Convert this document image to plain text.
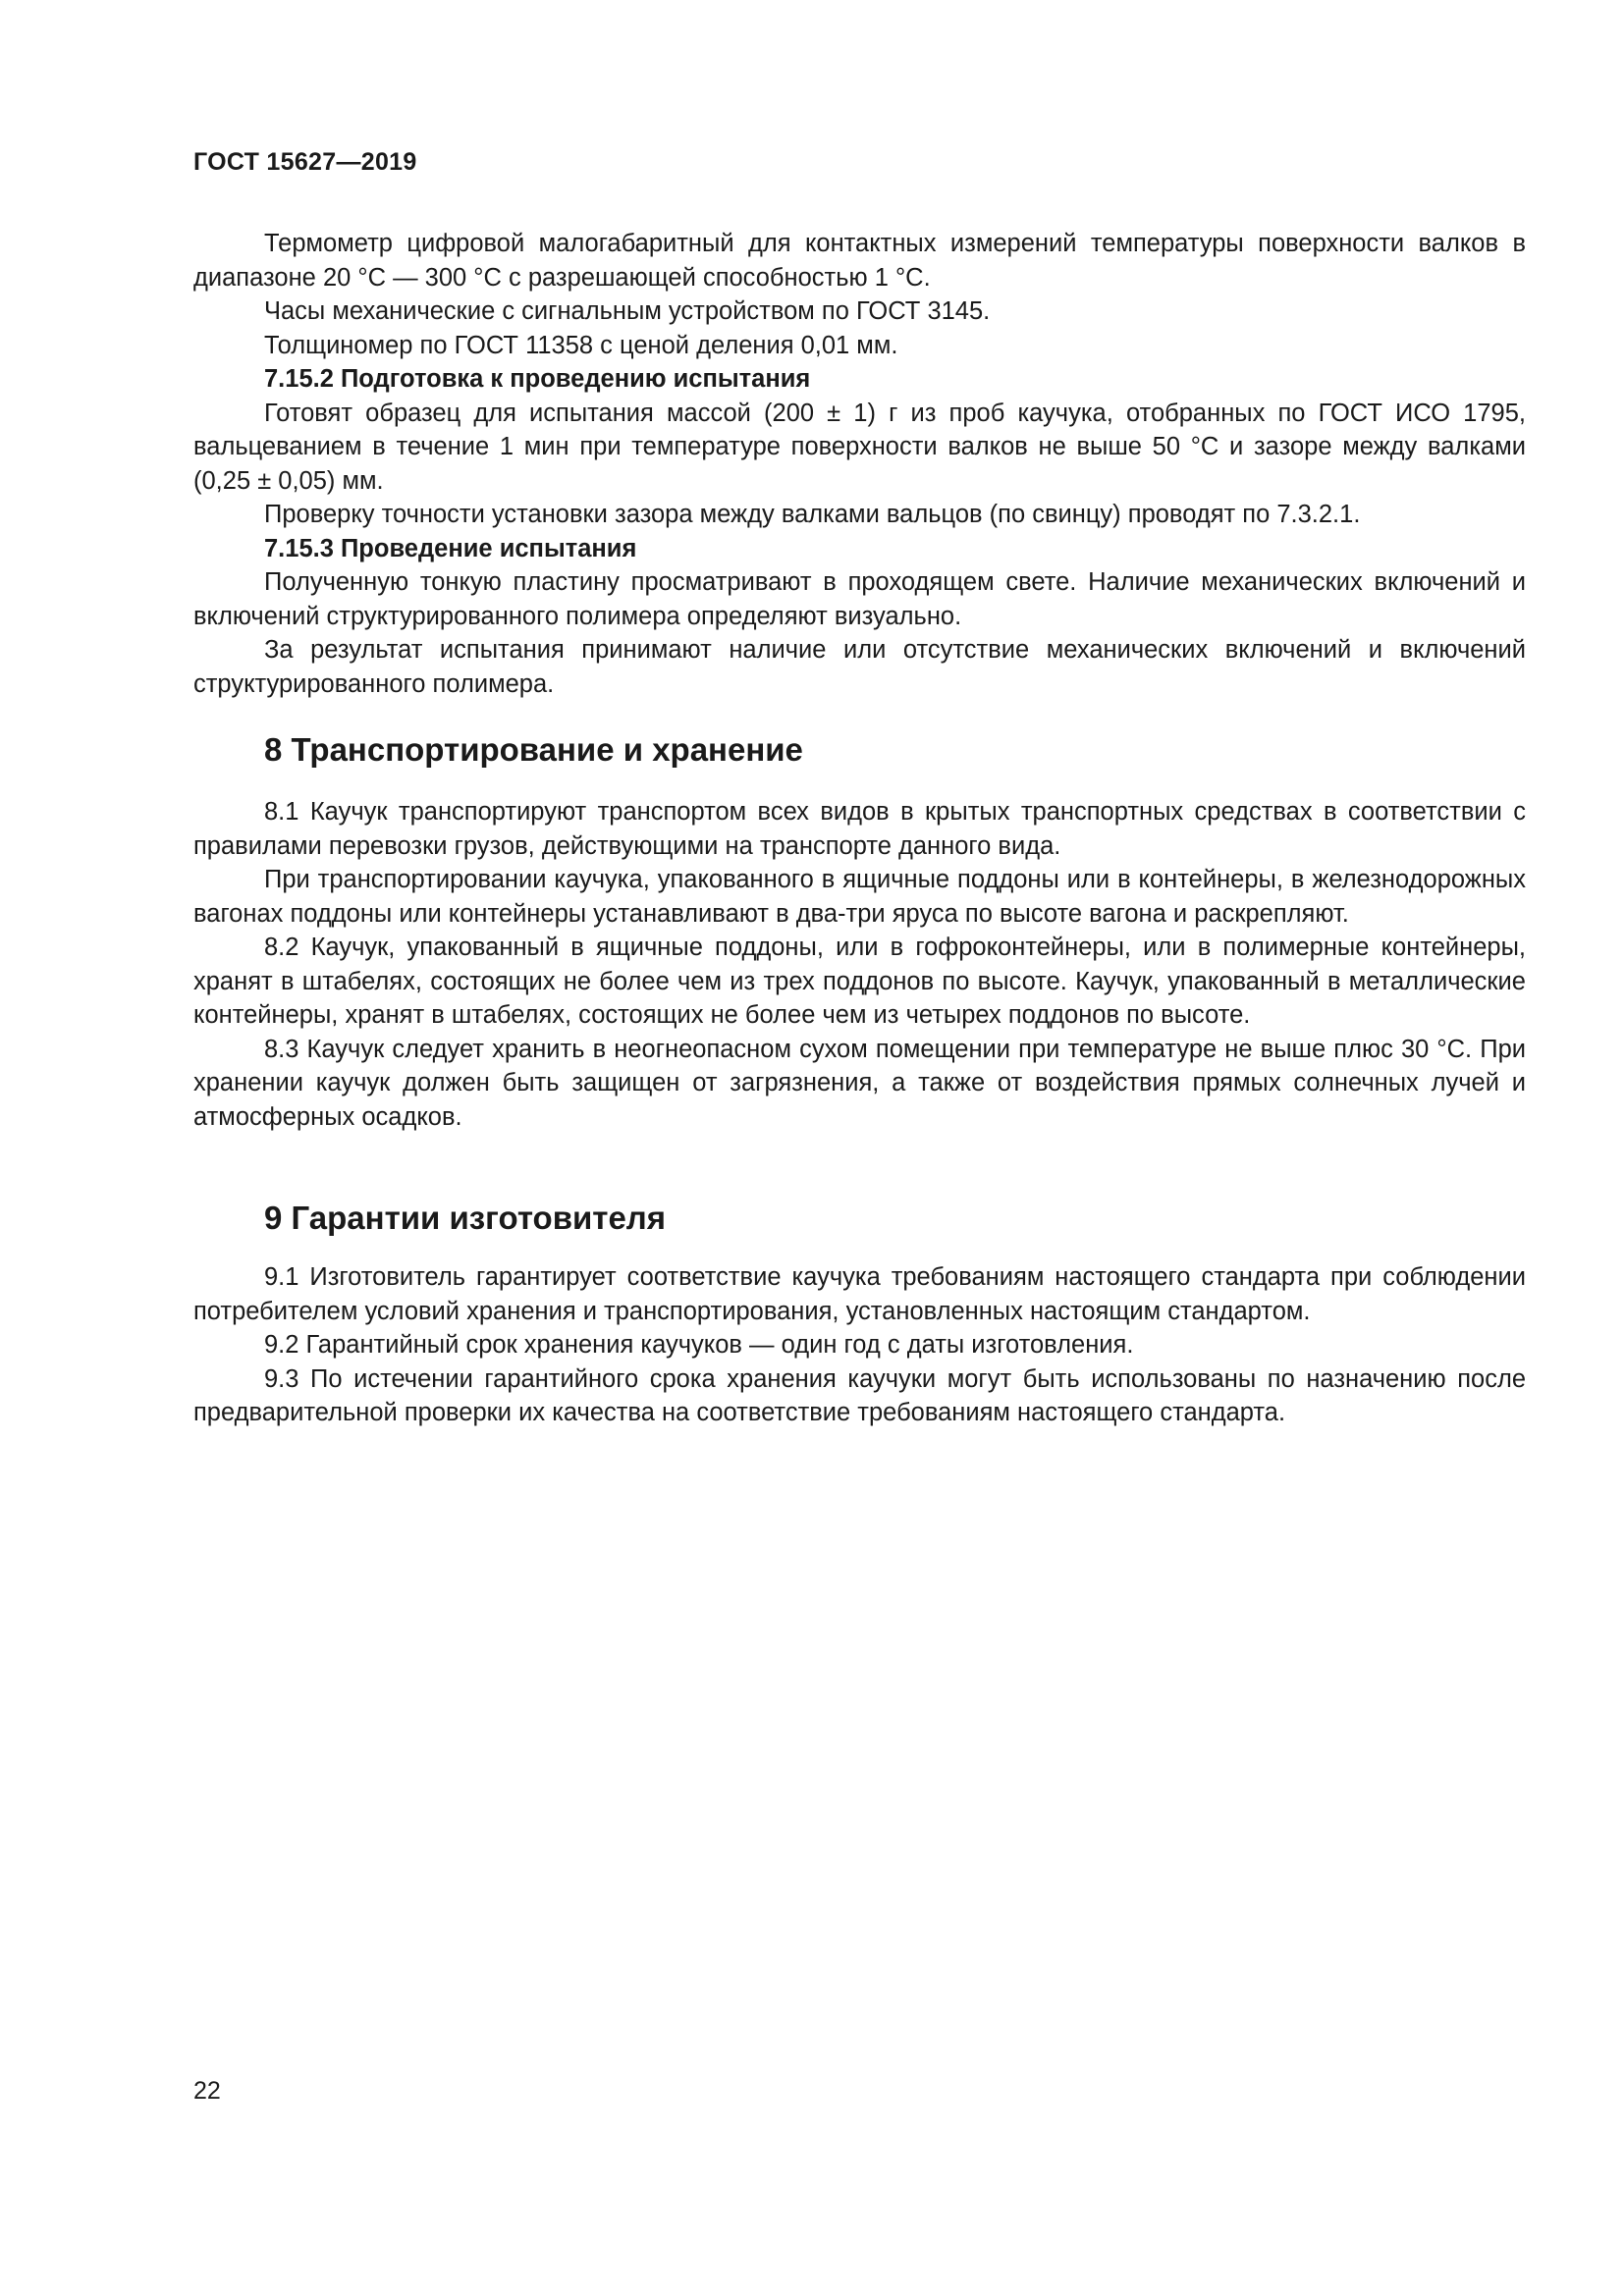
ГОСТ 15627—2019

Термометр цифровой малогабаритный для контактных измерений температуры поверхности валков в диапазоне 20 °С — 300 °С с разрешающей способностью 1 °С.

Часы механические с сигнальным устройством по ГОСТ 3145.

Толщиномер по ГОСТ 11358 с ценой деления 0,01 мм.

7.15.2 Подготовка к проведению испытания

Готовят образец для испытания массой (200 ± 1) г из проб каучука, отобранных по ГОСТ ИСО 1795, вальцеванием в течение 1 мин при температуре поверхности валков не выше 50 °С и зазоре между валками (0,25 ± 0,05) мм.

Проверку точности установки зазора между валками вальцов (по свинцу) проводят по 7.3.2.1.

7.15.3 Проведение испытания

Полученную тонкую пластину просматривают в проходящем свете. Наличие механических включений и включений структурированного полимера определяют визуально.

За результат испытания принимают наличие или отсутствие механических включений и включений структурированного полимера.

8 Транспортирование и хранение

8.1 Каучук транспортируют транспортом всех видов в крытых транспортных средствах в соответствии с правилами перевозки грузов, действующими на транспорте данного вида.

При транспортировании каучука, упакованного в ящичные поддоны или в контейнеры, в железнодорожных вагонах поддоны или контейнеры устанавливают в два-три яруса по высоте вагона и раскрепляют.

8.2 Каучук, упакованный в ящичные поддоны, или в гофроконтейнеры, или в полимерные контейнеры, хранят в штабелях, состоящих не более чем из трех поддонов по высоте. Каучук, упакованный в металлические контейнеры, хранят в штабелях, состоящих не более чем из четырех поддонов по высоте.

8.3 Каучук следует хранить в неогнеопасном сухом помещении при температуре не выше плюс 30 °С. При хранении каучук должен быть защищен от загрязнения, а также от воздействия прямых солнечных лучей и атмосферных осадков.

9 Гарантии изготовителя

9.1 Изготовитель гарантирует соответствие каучука требованиям настоящего стандарта при соблюдении потребителем условий хранения и транспортирования, установленных настоящим стандартом.

9.2 Гарантийный срок хранения каучуков — один год с даты изготовления.

9.3 По истечении гарантийного срока хранения каучуки могут быть использованы по назначению после предварительной проверки их качества на соответствие требованиям настоящего стандарта.

22
